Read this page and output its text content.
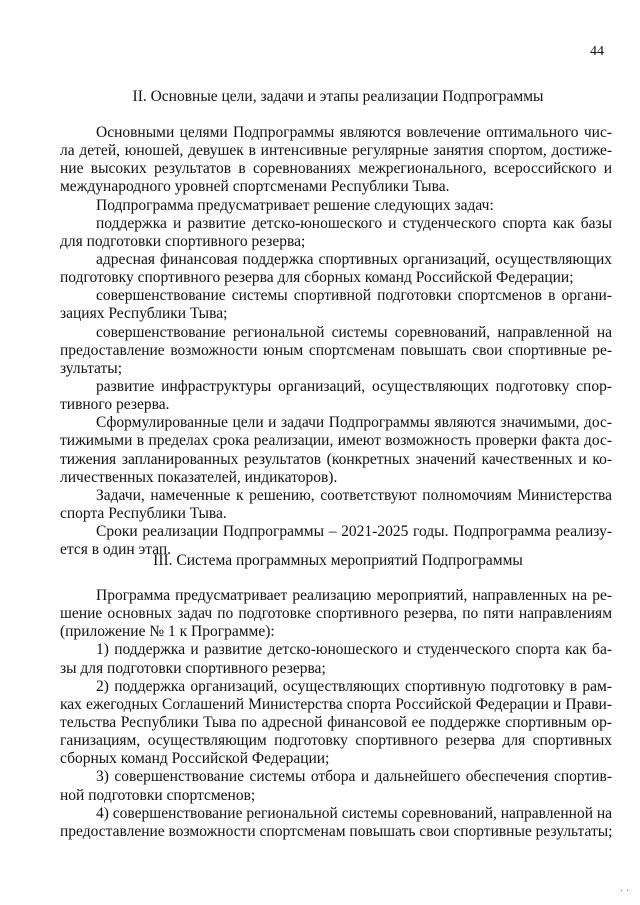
44
II. Основные цели, задачи и этапы реализации Подпрограммы
Основными целями Подпрограммы являются вовлечение оптимального чис-
ла детей, юношей, девушек в интенсивные регулярные занятия спортом, достиже-
ние высоких результатов в соревнованиях межрегионального, всероссийского и
международного уровней спортсменами Республики Тыва.
Подпрограмма предусматривает решение следующих задач:
поддержка и развитие детско-юношеского и студенческого спорта как базы
для подготовки спортивного резерва;
адресная финансовая поддержка спортивных организаций, осуществляющих
подготовку спортивного резерва для сборных команд Российской Федерации;
совершенствование системы спортивной подготовки спортсменов в органи-
зациях Республики Тыва;
совершенствование региональной системы соревнований, направленной на
предоставление возможности юным спортсменам повышать свои спортивные ре-
зультаты;
развитие инфраструктуры организаций, осуществляющих подготовку спор-
тивного резерва.
Сформулированные цели и задачи Подпрограммы являются значимыми, дос-
тижимыми в пределах срока реализации, имеют возможность проверки факта дос-
тижения запланированных результатов (конкретных значений качественных и ко-
личественных показателей, индикаторов).
Задачи, намеченные к решению, соответствуют полномочиям Министерства
спорта Республики Тыва.
Сроки реализации Подпрограммы – 2021-2025 годы. Подпрограмма реализу-
ется в один этап.
III. Система программных мероприятий Подпрограммы
Программа предусматривает реализацию мероприятий, направленных на ре-
шение основных задач по подготовке спортивного резерва, по пяти направлениям
(приложение № 1 к Программе):
1) поддержка и развитие детско-юношеского и студенческого спорта как ба-
зы для подготовки спортивного резерва;
2) поддержка организаций, осуществляющих спортивную подготовку в рам-
ках ежегодных Соглашений Министерства спорта Российской Федерации и Прави-
тельства Республики Тыва по адресной финансовой ее поддержке спортивным ор-
ганизациям, осуществляющим подготовку спортивного резерва для спортивных
сборных команд Российской Федерации;
3) совершенствование системы отбора и дальнейшего обеспечения спортив-
ной подготовки спортсменов;
4) совершенствование региональной системы соревнований, направленной на
предоставление возможности спортсменам повышать свои спортивные результаты;
· ·
